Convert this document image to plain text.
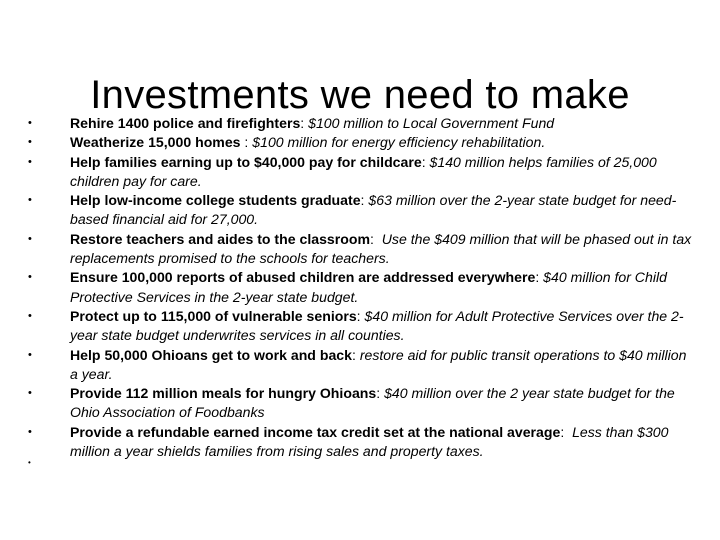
Investments we need to make
•	Rehire 1400 police and firefighters: $100 million to Local Government Fund
•	Weatherize 15,000 homes : $100 million for energy efficiency rehabilitation.
•	Help families earning up to $40,000 pay for childcare: $140 million helps families of 25,000 children pay for care.
•	Help low-income college students graduate: $63 million over the 2-year state budget for need-based financial aid for 27,000.
•	Restore teachers and aides to the classroom:  Use the $409 million that will be phased out in tax replacements promised to the schools for teachers.
•	Ensure 100,000 reports of abused children are addressed everywhere: $40 million for Child Protective Services in the 2-year state budget.
•	Protect up to 115,000 of vulnerable seniors: $40 million for Adult Protective Services over the 2-year state budget underwrites services in all counties.
•	Help 50,000 Ohioans get to work and back: restore aid for public transit operations to $40 million a year.
•	Provide 112 million meals for hungry Ohioans: $40 million over the 2 year state budget for the Ohio Association of Foodbanks
•	Provide a refundable earned income tax credit set at the national average:  Less than $300 million a year shields families from rising sales and property taxes.
•
